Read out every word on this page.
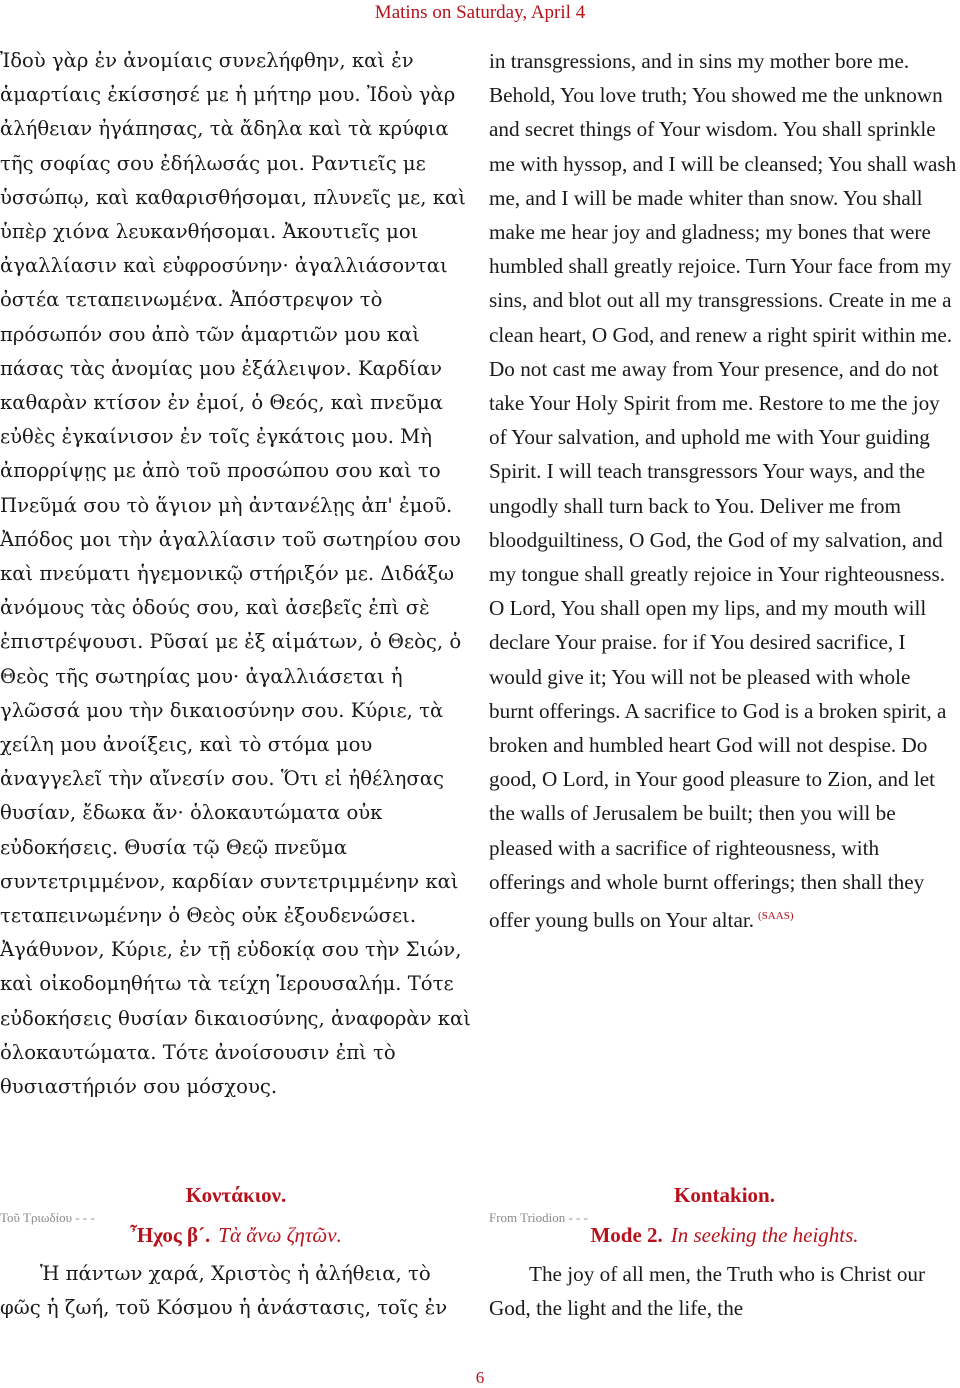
Matins on Saturday, April 4

Ἰδοὺ γὰρ ἐν ἀνομίαις συνελήφθην, καὶ ἐν ἁμαρτίαις ἐκίσσησέ με ἡ μήτηρ μου. Ἰδοὺ γὰρ ἀλήθειαν ἠγάπησας, τὰ ἄδηλα καὶ τὰ κρύφια τῆς σοφίας σου ἐδήλωσάς μοι. Ραντιεῖς με ὑσσώπῳ, καὶ καθαρισθήσομαι, πλυνεῖς με, καὶ ὑπὲρ χιόνα λευκανθήσομαι. Ἀκουτιεῖς μοι ἀγαλλίασιν καὶ εὐφροσύνην· ἀγαλλιάσονται ὀστέα τεταπεινωμένα. Ἀπόστρεψον τὸ πρόσωπόν σου ἀπὸ τῶν ἁμαρτιῶν μου καὶ πάσας τὰς ἀνομίας μου ἐξάλειψον. Καρδίαν καθαρὰν κτίσον ἐν ἐμοί, ὁ Θεός, καὶ πνεῦμα εὐθὲς ἐγκαίνισον ἐν τοῖς ἐγκάτοις μου. Μὴ ἀπορρίψῃς με ἀπὸ τοῦ προσώπου σου καὶ το Πνεῦμά σου τὸ ἅγιον μὴ ἀντανέλῃς ἀπ' ἐμοῦ. Ἀπόδος μοι τὴν ἀγαλλίασιν τοῦ σωτηρίου σου καὶ πνεύματι ἡγεμονικῷ στήριξόν με. Διδάξω ἀνόμους τὰς ὁδούς σου, καὶ ἀσεβεῖς ἐπὶ σὲ ἐπιστρέψουσι. Ρῦσαί με ἐξ αἱμάτων, ὁ Θεὸς, ὁ Θεὸς τῆς σωτηρίας μου· ἀγαλλιάσεται ἡ γλῶσσά μου τὴν δικαιοσύνην σου. Κύριε, τὰ χείλη μου ἀνοίξεις, καὶ τὸ στόμα μου ἀναγγελεῖ τὴν αἴνεσίν σου. Ὅτι εἰ ἠθέλησας θυσίαν, ἔδωκα ἄν· ὁλοκαυτώματα οὐκ εὐδοκήσεις. Θυσία τῷ Θεῷ πνεῦμα συντετριμμένον, καρδίαν συντετριμμένην καὶ τεταπεινωμένην ὁ Θεὸς οὐκ ἐξουδενώσει. Ἀγάθυνον, Κύριε, ἐν τῇ εὐδοκίᾳ σου τὴν Σιών, καὶ οἰκοδομηθήτω τὰ τείχη Ἱερουσαλήμ. Τότε εὐδοκήσεις θυσίαν δικαιοσύνης, ἀναφορὰν καὶ ὁλοκαυτώματα. Τότε ἀνοίσουσιν ἐπὶ τὸ θυσιαστήριόν σου μόσχους.

in transgressions, and in sins my mother bore me. Behold, You love truth; You showed me the unknown and secret things of Your wisdom. You shall sprinkle me with hyssop, and I will be cleansed; You shall wash me, and I will be made whiter than snow. You shall make me hear joy and gladness; my bones that were humbled shall greatly rejoice. Turn Your face from my sins, and blot out all my transgressions. Create in me a clean heart, O God, and renew a right spirit within me. Do not cast me away from Your presence, and do not take Your Holy Spirit from me. Restore to me the joy of Your salvation, and uphold me with Your guiding Spirit. I will teach transgressors Your ways, and the ungodly shall turn back to You. Deliver me from bloodguiltiness, O God, the God of my salvation, and my tongue shall greatly rejoice in Your righteousness. O Lord, You shall open my lips, and my mouth will declare Your praise. for if You desired sacrifice, I would give it; You will not be pleased with whole burnt offerings. A sacrifice to God is a broken spirit, a broken and humbled heart God will not despise. Do good, O Lord, in Your good pleasure to Zion, and let the walls of Jerusalem be built; then you will be pleased with a sacrifice of righteousness, with offerings and whole burnt offerings; then shall they offer young bulls on Your altar. $^{(SAAS)}$

Κοντάκιον.	Kontakion.
Τοῦ Τριωδίου - - -	From Triodion - - -
Ἦχος β´. Τὰ ἄνω ζητῶν.	Mode 2. In seeking the heights.

Ἡ πάντων χαρά, Χριστὸς ἡ ἀλήθεια, τὸ φῶς ἡ ζωή, τοῦ Κόσμου ἡ ἀνάστασις, τοῖς ἐν

The joy of all men, the Truth who is Christ our God, the light and the life, the

6
